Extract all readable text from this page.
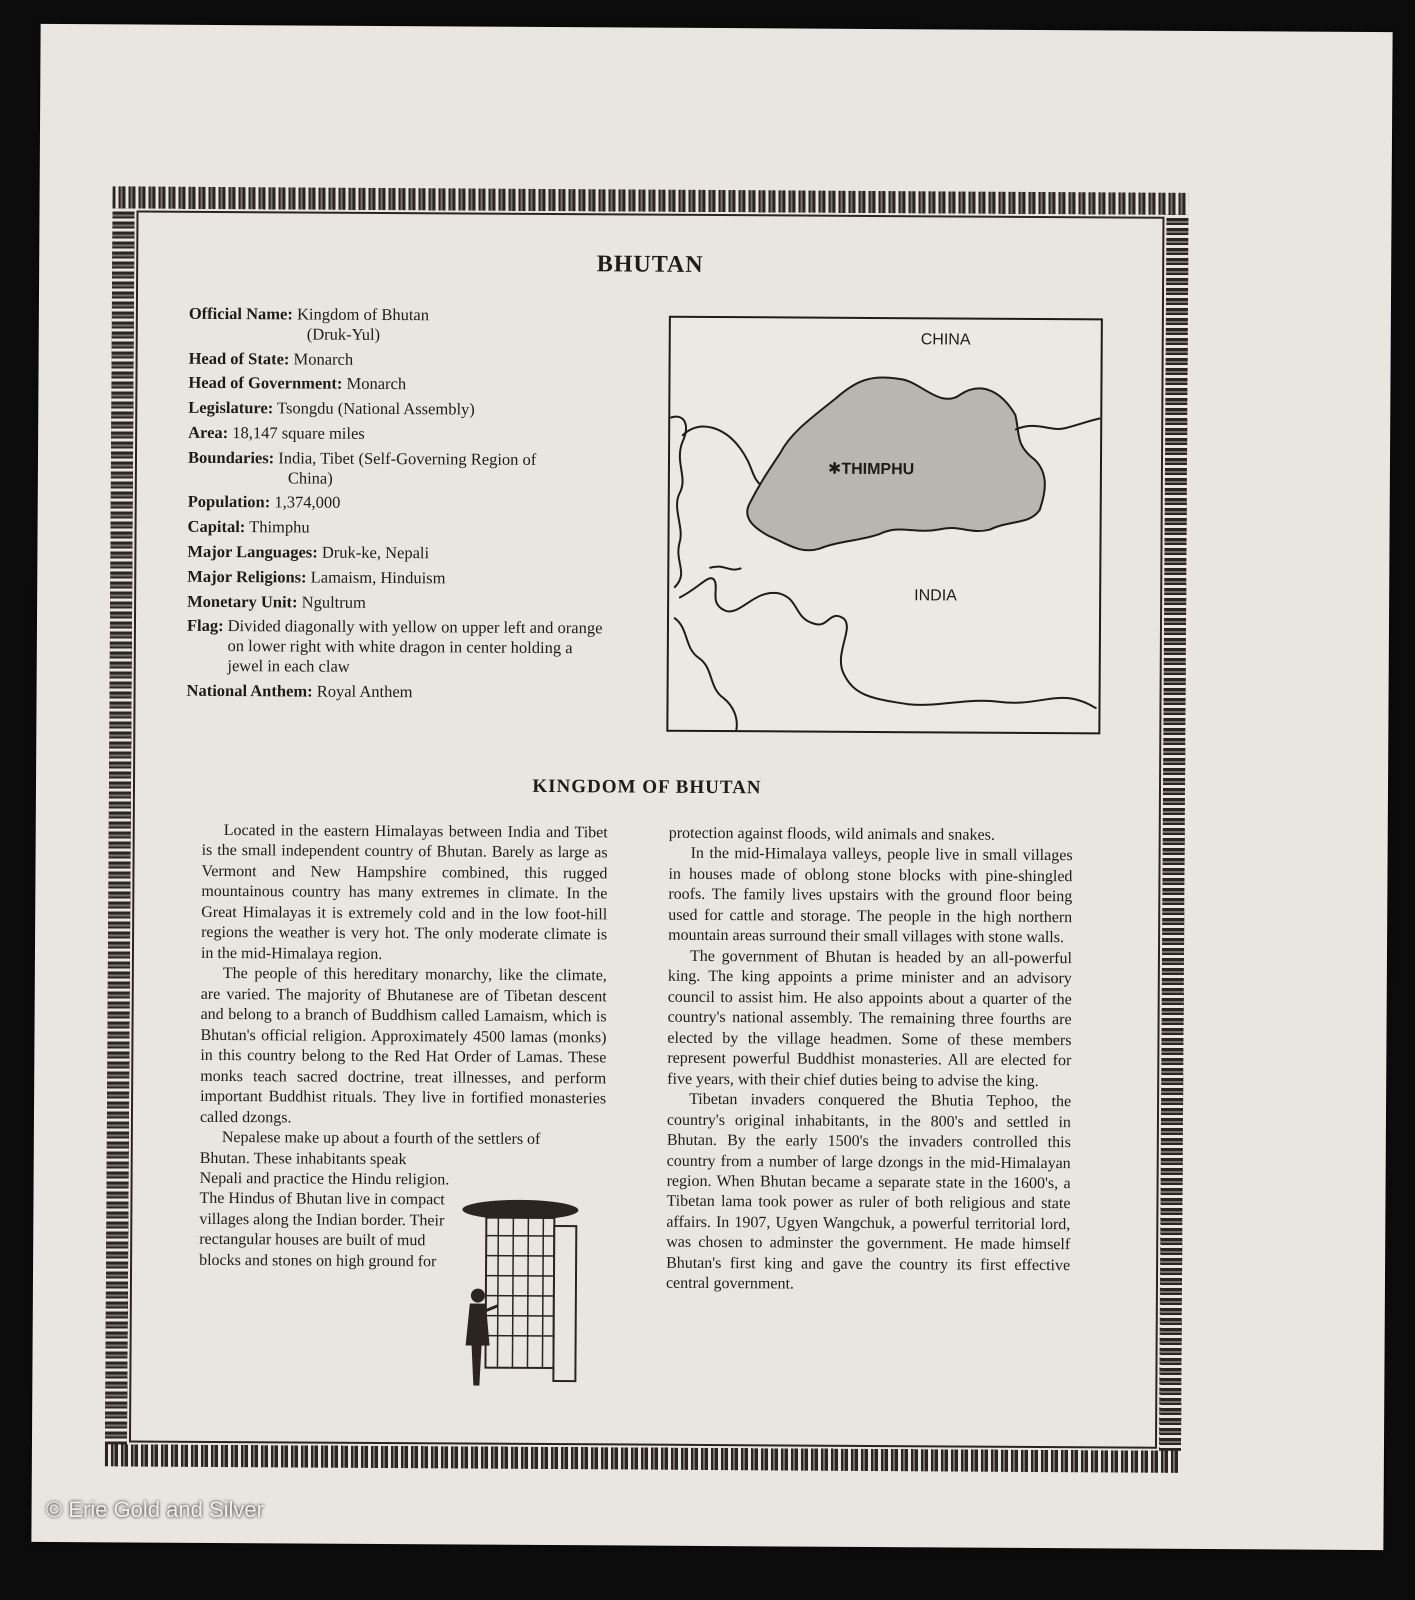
BHUTAN
Official Name: Kingdom of Bhutan
(Druk-Yul)
Head of State: Monarch
Head of Government: Monarch
Legislature: Tsongdu (National Assembly)
Area: 18,147 square miles
Boundaries: India, Tibet (Self-Governing Region of
China)
Population: 1,374,000
Capital: Thimphu
Major Languages: Druk-ke, Nepali
Major Religions: Lamaism, Hinduism
Monetary Unit: Ngultrum
Flag: Divided diagonally with yellow on upper left and orange on lower right with white dragon in center holding a jewel in each claw
National Anthem: Royal Anthem
CHINA
✱THIMPHU
INDIA
KINGDOM OF BHUTAN

Located in the eastern Himalayas between India and Tibet is the small independent country of Bhutan. Barely as large as Vermont and New Hampshire combined, this rugged mountainous country has many extremes in climate. In the Great Himalayas it is extremely cold and in the low foot-hill regions the weather is very hot. The only moderate climate is in the mid-Himalaya region.

The people of this hereditary monarchy, like the climate, are varied. The majority of Bhutanese are of Tibetan descent and belong to a branch of Buddhism called Lamaism, which is Bhutan's official religion. Approximately 4500 lamas (monks) in this country belong to the Red Hat Order of Lamas. These monks teach sacred doctrine, treat illnesses, and perform important Buddhist rituals. They live in fortified monasteries called dzongs.

Nepalese make up about a fourth of the settlers of

Bhutan. These inhabitants speak Nepali and practice the Hindu religion. The Hindus of Bhutan live in compact villages along the Indian border. Their rectangular houses are built of mud blocks and stones on high ground for

protection against floods, wild animals and snakes.

In the mid-Himalaya valleys, people live in small villages in houses made of oblong stone blocks with pine-shingled roofs. The family lives upstairs with the ground floor being used for cattle and storage. The people in the high northern mountain areas surround their small villages with stone walls.

The government of Bhutan is headed by an all-powerful king. The king appoints a prime minister and an advisory council to assist him. He also appoints about a quarter of the country's national assembly. The remaining three fourths are elected by the village headmen. Some of these members represent powerful Buddhist monasteries. All are elected for five years, with their chief duties being to advise the king.

Tibetan invaders conquered the Bhutia Tephoo, the country's original inhabitants, in the 800's and settled in Bhutan. By the early 1500's the invaders controlled this country from a number of large dzongs in the mid-Himalayan region. When Bhutan became a separate state in the 1600's, a Tibetan lama took power as ruler of both religious and state affairs. In 1907, Ugyen Wangchuk, a powerful territorial lord, was chosen to adminster the government. He made himself Bhutan's first king and gave the country its first effective central government.

© Erie Gold and Silver
